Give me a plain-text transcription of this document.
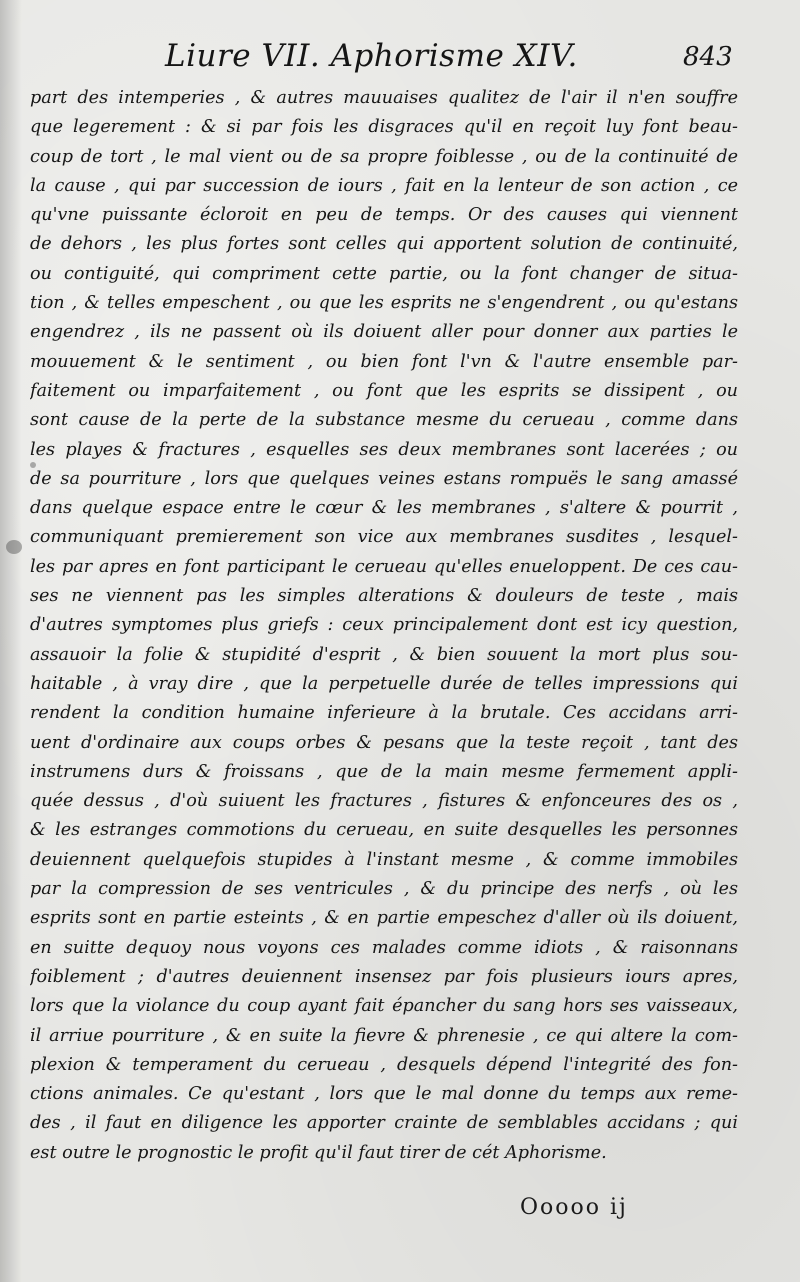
Liure VII. Aphorisme XIV.	843
part des intemperies , & autres mauuaises qualitez de l'air il n'en souffre
que legerement : & si par fois les disgraces qu'il en reçoit luy font beau-
coup de tort , le mal vient ou de sa propre foiblesse , ou de la continuité de
la cause , qui par succession de iours , fait en la lenteur de son action , ce
qu'vne puissante écloroit en peu de temps. Or des causes qui viennent
de dehors , les plus fortes sont celles qui apportent solution de continuité,
ou contiguité, qui compriment cette partie, ou la font changer de situa-
tion , & telles empeschent , ou que les esprits ne s'engendrent , ou qu'estans
engendrez , ils ne passent où ils doiuent aller pour donner aux parties le
mouuement & le sentiment , ou bien font l'vn & l'autre ensemble par-
faitement ou imparfaitement , ou font que les esprits se dissipent , ou
sont cause de la perte de la substance mesme du cerueau , comme dans
les playes & fractures , esquelles ses deux membranes sont lacerées ; ou
de sa pourriture , lors que quelques veines estans rompuës le sang amassé
dans quelque espace entre le cœur & les membranes , s'altere & pourrit ,
communiquant premierement son vice aux membranes susdites , lesquel-
les par apres en font participant le cerueau qu'elles enueloppent. De ces cau-
ses ne viennent pas les simples alterations & douleurs de teste , mais
d'autres symptomes plus griefs : ceux principalement dont est icy question,
assauoir la folie & stupidité d'esprit , & bien souuent la mort plus sou-
haitable , à vray dire , que la perpetuelle durée de telles impressions qui
rendent la condition humaine inferieure à la brutale. Ces accidans arri-
uent d'ordinaire aux coups orbes & pesans que la teste reçoit , tant des
instrumens durs & froissans , que de la main mesme fermement appli-
quée dessus , d'où suiuent les fractures , fistures & enfonceures des os ,
& les estranges commotions du cerueau, en suite desquelles les personnes
deuiennent quelquefois stupides à l'instant mesme , & comme immobiles
par la compression de ses ventricules , & du principe des nerfs , où les
esprits sont en partie esteints , & en partie empeschez d'aller où ils doiuent,
en suitte dequoy nous voyons ces malades comme idiots , & raisonnans
foiblement ; d'autres deuiennent insensez par fois plusieurs iours apres,
lors que la violance du coup ayant fait épancher du sang hors ses vaisseaux,
il arriue pourriture , & en suite la fievre & phrenesie , ce qui altere la com-
plexion & temperament du cerueau , desquels dépend l'integrité des fon-
ctions animales. Ce qu'estant , lors que le mal donne du temps aux reme-
des , il faut en diligence les apporter crainte de semblables accidans ; qui
est outre le prognostic le profit qu'il faut tirer de cét Aphorisme.
Ooooo ij
